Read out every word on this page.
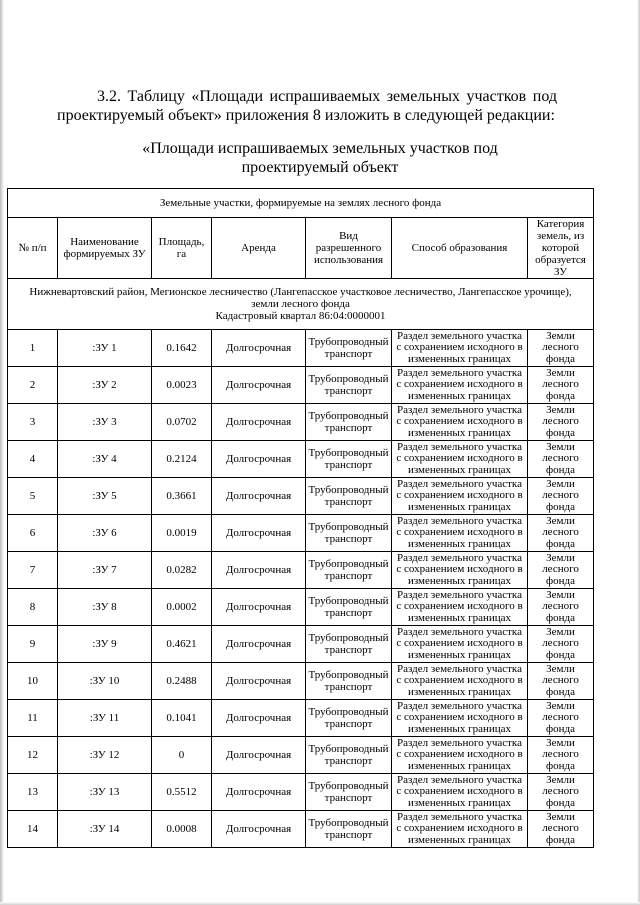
3.2. Таблицу «Площади испрашиваемых земельных участков под проектируемый объект» приложения 8 изложить в следующей редакции:

«Площади испрашиваемых земельных участков под проектируемый объект

Земельные участки, формируемые на землях лесного фонда						
№ п/п	Наименование формируемых ЗУ	Площадь, га	Аренда	Вид разрешенного использования	Способ образования	Категория земель, из которой образуется ЗУ

Нижневартовский район, Мегионское лесничество (Лангепасское участковое лесничество, Лангепасское урочище),
земли лесного фонда
Кадастровый квартал 86:04:0000001						

1	:ЗУ 1	0.1642	Долгосрочная	Трубопроводный транспорт	Раздел земельного участка с сохранением исходного в измененных границах	Земли лесного фонда
2	:ЗУ 2	0.0023	Долгосрочная	Трубопроводный транспорт	Раздел земельного участка с сохранением исходного в измененных границах	Земли лесного фонда
3	:ЗУ 3	0.0702	Долгосрочная	Трубопроводный транспорт	Раздел земельного участка с сохранением исходного в измененных границах	Земли лесного фонда
4	:ЗУ 4	0.2124	Долгосрочная	Трубопроводный транспорт	Раздел земельного участка с сохранением исходного в измененных границах	Земли лесного фонда
5	:ЗУ 5	0.3661	Долгосрочная	Трубопроводный транспорт	Раздел земельного участка с сохранением исходного в измененных границах	Земли лесного фонда
6	:ЗУ 6	0.0019	Долгосрочная	Трубопроводный транспорт	Раздел земельного участка с сохранением исходного в измененных границах	Земли лесного фонда
7	:ЗУ 7	0.0282	Долгосрочная	Трубопроводный транспорт	Раздел земельного участка с сохранением исходного в измененных границах	Земли лесного фонда
8	:ЗУ 8	0.0002	Долгосрочная	Трубопроводный транспорт	Раздел земельного участка с сохранением исходного в измененных границах	Земли лесного фонда
9	:ЗУ 9	0.4621	Долгосрочная	Трубопроводный транспорт	Раздел земельного участка с сохранением исходного в измененных границах	Земли лесного фонда
10	:ЗУ 10	0.2488	Долгосрочная	Трубопроводный транспорт	Раздел земельного участка с сохранением исходного в измененных границах	Земли лесного фонда
11	:ЗУ 11	0.1041	Долгосрочная	Трубопроводный транспорт	Раздел земельного участка с сохранением исходного в измененных границах	Земли лесного фонда
12	:ЗУ 12	0	Долгосрочная	Трубопроводный транспорт	Раздел земельного участка с сохранением исходного в измененных границах	Земли лесного фонда
13	:ЗУ 13	0.5512	Долгосрочная	Трубопроводный транспорт	Раздел земельного участка с сохранением исходного в измененных границах	Земли лесного фонда
14	:ЗУ 14	0.0008	Долгосрочная	Трубопроводный транспорт	Раздел земельного участка с сохранением исходного в измененных границах	Земли лесного фонда
